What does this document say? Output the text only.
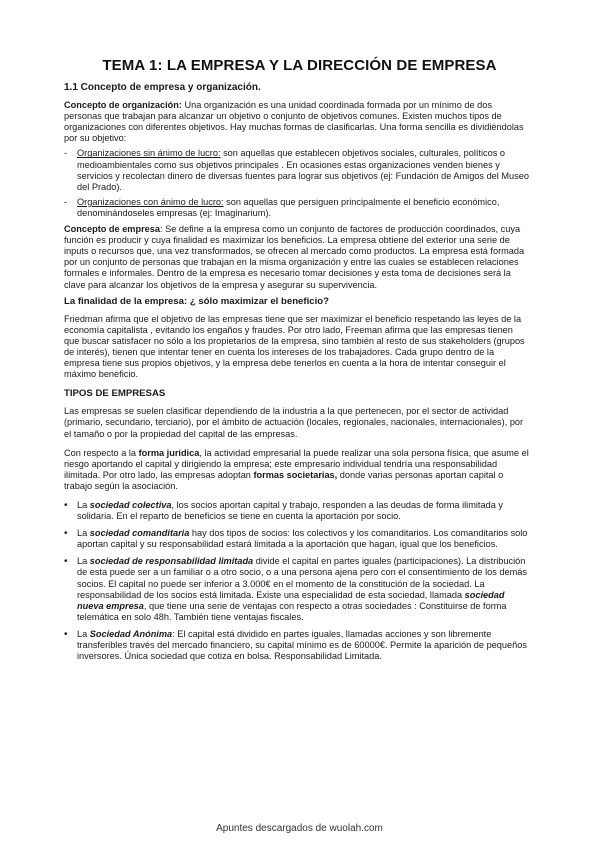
TEMA 1: LA EMPRESA Y LA DIRECCIÓN DE EMPRESA
1.1 Concepto de empresa y organización.

Concepto de organización: Una organización es una unidad coordinada formada por un mínimo de dos personas que trabajan para alcanzar un objetivo o conjunto de objetivos comunes. Existen muchos tipos de organizaciones con diferentes objetivos. Hay muchas formas de clasificarlas. Una forma sencilla es dividiéndolas por su objetivo:

- Organizaciones sin ánimo de lucro: son aquellas que establecen objetivos sociales, culturales, políticos o medioambientales como sus objetivos principales . En ocasiones estas organizaciones venden bienes y servicios y recolectan dinero de diversas fuentes para lograr sus objetivos (ej: Fundación de Amigos del Museo del Prado).
- Organizaciones con ánimo de lucro: son aquellas que persiguen principalmente el beneficio económico, denominándoseles empresas (ej: Imaginarium).

Concepto de empresa: Se define a la empresa como un conjunto de factores de producción coordinados, cuya función es producir y cuya finalidad es maximizar los beneficios. La empresa obtiene del exterior una serie de inputs o recursos que, una vez transformados, se ofrecen al mercado como productos. La empresa está formada por un conjunto de personas que trabajan en la misma organización y entre las cuales se establecen relaciones formales e informales. Dentro de la empresa es necesario tomar decisiones y esta toma de decisiones será la clave para alcanzar los objetivos de la empresa y asegurar su supervivencia.

La finalidad de la empresa: ¿ sólo maximizar el beneficio?

Friedman afirma que el objetivo de las empresas tiene que ser maximizar el beneficio respetando las leyes de la economía capitalista , evitando los engaños y fraudes. Por otro lado, Freeman afirma que las empresas tienen que buscar satisfacer no sólo a los propietarios de la empresa, sino también al resto de sus stakeholders (grupos de interés), tienen que intentar tener en cuenta los intereses de los trabajadores. Cada grupo dentro de la empresa tiene sus propios objetivos, y la empresa debe tenerlos en cuenta a la hora de intentar conseguir el máximo beneficio.

TIPOS DE EMPRESAS

Las empresas se suelen clasificar dependiendo de la industria a la que pertenecen, por el sector de actividad (primario, secundario, terciario), por el ámbito de actuación (locales, regionales, nacionales, internacionales), por el tamaño o por la propiedad del capital de las empresas.

Con respecto a la forma jurídica, la actividad empresarial la puede realizar una sola persona física, que asume el riesgo aportando el capital y dirigiendo la empresa; este empresario individual tendría una responsabilidad ilimitada. Por otro lado, las empresas adoptan formas societarias, donde varias personas aportan capital o trabajo según la asociación.

• La sociedad colectiva, los socios aportan capital y trabajo, responden a las deudas de forma ilimitada y solidaria. En el reparto de beneficios se tiene en cuenta la aportación por socio.
• La sociedad comanditaria hay dos tipos de socios: los colectivos y los comanditarios. Los comanditarios solo aportan capital y su responsabilidad estará limitada a la aportación que hagan, igual que los beneficios.
• La sociedad de responsabilidad limitada divide el capital en partes iguales (participaciones). La distribución de esta puede ser a un familiar o a otro socio, o a una persona ajena pero con el consentimiento de los demás socios. El capital no puede ser inferior a 3.000€ en el momento de la constitución de la sociedad. La responsabilidad de los socios está limitada. Existe una especialidad de esta sociedad, llamada sociedad nueva empresa, que tiene una serie de ventajas con respecto a otras sociedades : Constituirse de forma telemática en solo 48h. También tiene ventajas fiscales.
• La Sociedad Anónima: El capital está dividido en partes iguales, llamadas acciones y son libremente transferibles través del mercado financiero, su capital mínimo es de 60000€. Permite la aparición de pequeños inversores. Única sociedad que cotiza en bolsa. Responsabilidad Limitada.
Apuntes descargados de wuolah.com
